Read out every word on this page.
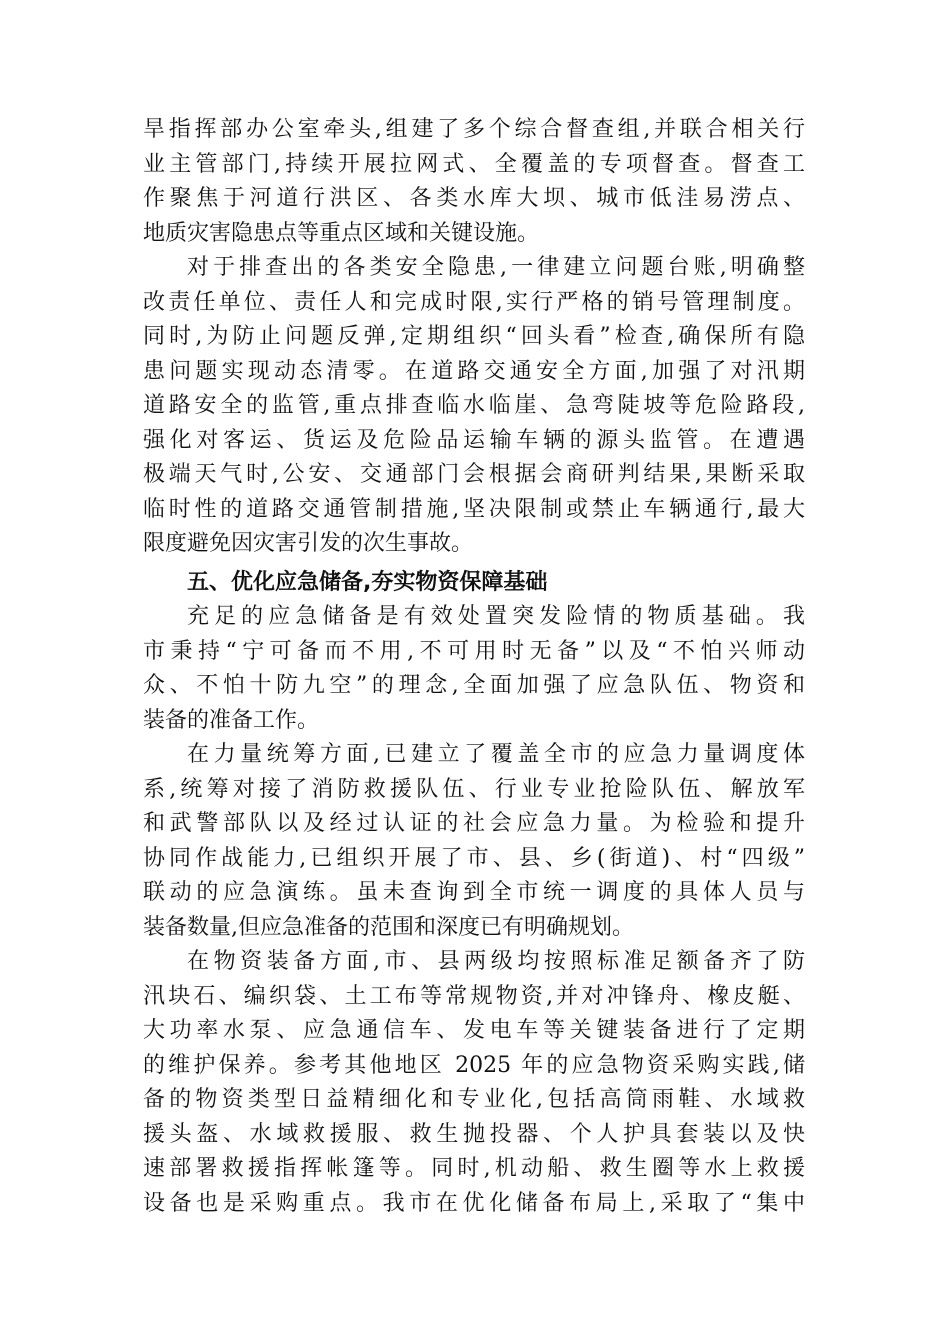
旱指挥部办公室牵头,组建了多个综合督查组,并联合相关行
业主管部门,持续开展拉网式、全覆盖的专项督查。督查工
作聚焦于河道行洪区、各类水库大坝、城市低洼易涝点、
地质灾害隐患点等重点区域和关键设施。
对于排查出的各类安全隐患,一律建立问题台账,明确整
改责任单位、责任人和完成时限,实行严格的销号管理制度。
同时,为防止问题反弹,定期组织“回头看”检查,确保所有隐
患问题实现动态清零。在道路交通安全方面,加强了对汛期
道路安全的监管,重点排查临水临崖、急弯陡坡等危险路段,
强化对客运、货运及危险品运输车辆的源头监管。在遭遇
极端天气时,公安、交通部门会根据会商研判结果,果断采取
临时性的道路交通管制措施,坚决限制或禁止车辆通行,最大
限度避免因灾害引发的次生事故。
五、优化应急储备,夯实物资保障基础
充足的应急储备是有效处置突发险情的物质基础。我
市秉持“宁可备而不用,不可用时无备”以及“不怕兴师动
众、不怕十防九空”的理念,全面加强了应急队伍、物资和
装备的准备工作。
在力量统筹方面,已建立了覆盖全市的应急力量调度体
系,统筹对接了消防救援队伍、行业专业抢险队伍、解放军
和武警部队以及经过认证的社会应急力量。为检验和提升
协同作战能力,已组织开展了市、县、乡(街道)、村“四级”
联动的应急演练。虽未查询到全市统一调度的具体人员与
装备数量,但应急准备的范围和深度已有明确规划。
在物资装备方面,市、县两级均按照标准足额备齐了防
汛块石、编织袋、土工布等常规物资,并对冲锋舟、橡皮艇、
大功率水泵、应急通信车、发电车等关键装备进行了定期
的维护保养。参考其他地区 2025 年的应急物资采购实践,储
备的物资类型日益精细化和专业化,包括高筒雨鞋、水域救
援头盔、水域救援服、救生抛投器、个人护具套装以及快
速部署救援指挥帐篷等。同时,机动船、救生圈等水上救援
设备也是采购重点。我市在优化储备布局上,采取了“集中
